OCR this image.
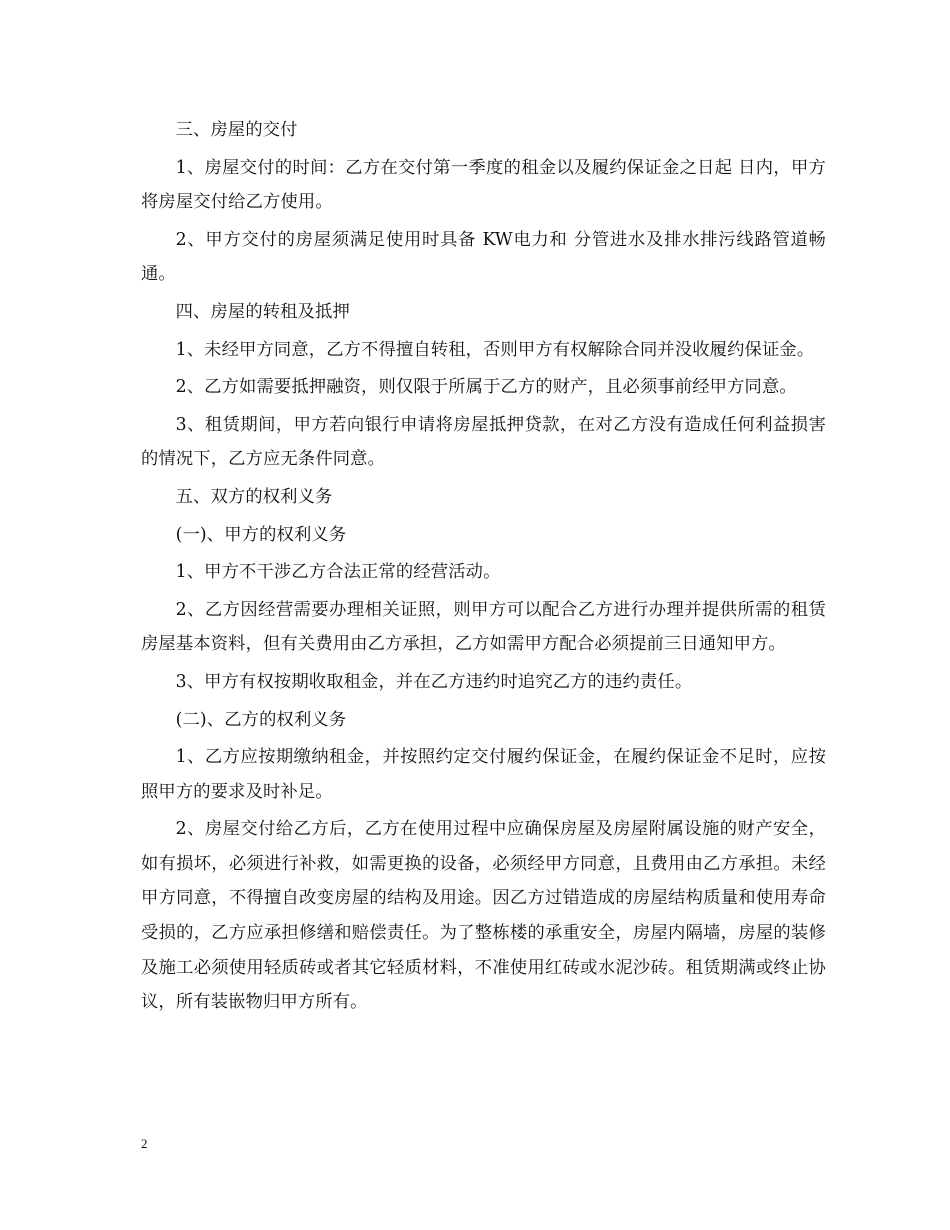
三、房屋的交付

1、房屋交付的时间：乙方在交付第一季度的租金以及履约保证金之日起 日内，甲方将房屋交付给乙方使用。

2、甲方交付的房屋须满足使用时具备 KW电力和 分管进水及排水排污线路管道畅通。

四、房屋的转租及抵押

1、未经甲方同意，乙方不得擅自转租，否则甲方有权解除合同并没收履约保证金。

2、乙方如需要抵押融资，则仅限于所属于乙方的财产，且必须事前经甲方同意。

3、租赁期间，甲方若向银行申请将房屋抵押贷款，在对乙方没有造成任何利益损害的情况下，乙方应无条件同意。

五、双方的权利义务

(一)、甲方的权利义务

1、甲方不干涉乙方合法正常的经营活动。

2、乙方因经营需要办理相关证照，则甲方可以配合乙方进行办理并提供所需的租赁房屋基本资料，但有关费用由乙方承担，乙方如需甲方配合必须提前三日通知甲方。

3、甲方有权按期收取租金，并在乙方违约时追究乙方的违约责任。

(二)、乙方的权利义务

1、乙方应按期缴纳租金，并按照约定交付履约保证金，在履约保证金不足时，应按照甲方的要求及时补足。

2、房屋交付给乙方后，乙方在使用过程中应确保房屋及房屋附属设施的财产安全，如有损坏，必须进行补救，如需更换的设备，必须经甲方同意，且费用由乙方承担。未经甲方同意，不得擅自改变房屋的结构及用途。因乙方过错造成的房屋结构质量和使用寿命受损的，乙方应承担修缮和赔偿责任。为了整栋楼的承重安全，房屋内隔墙，房屋的装修及施工必须使用轻质砖或者其它轻质材料，不准使用红砖或水泥沙砖。租赁期满或终止协议，所有装嵌物归甲方所有。

2
